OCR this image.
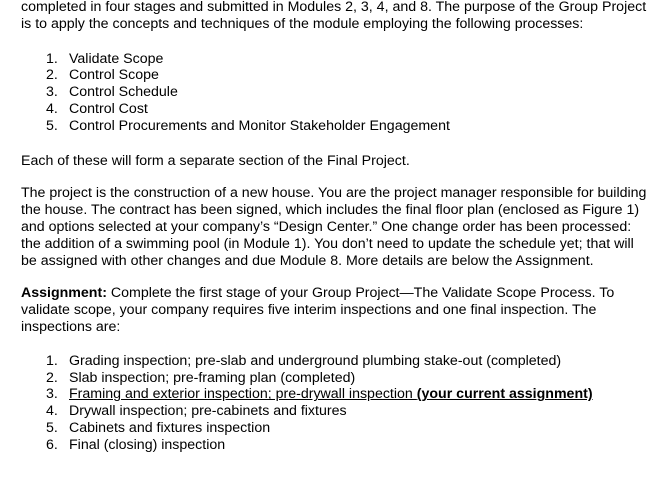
completed in four stages and submitted in Modules 2, 3, 4, and 8. The purpose of the Group Project is to apply the concepts and techniques of the module employing the following processes:

1. Validate Scope
2. Control Scope
3. Control Schedule
4. Control Cost
5. Control Procurements and Monitor Stakeholder Engagement

Each of these will form a separate section of the Final Project.

The project is the construction of a new house. You are the project manager responsible for building the house. The contract has been signed, which includes the final floor plan (enclosed as Figure 1) and options selected at your company’s “Design Center.” One change order has been processed: the addition of a swimming pool (in Module 1). You don’t need to update the schedule yet; that will be assigned with other changes and due Module 8. More details are below the Assignment.

Assignment: Complete the first stage of your Group Project—The Validate Scope Process. To validate scope, your company requires five interim inspections and one final inspection. The inspections are:

1. Grading inspection; pre-slab and underground plumbing stake-out (completed)
2. Slab inspection; pre-framing plan (completed)
3. Framing and exterior inspection; pre-drywall inspection (your current assignment)
4. Drywall inspection; pre-cabinets and fixtures
5. Cabinets and fixtures inspection
6. Final (closing) inspection
